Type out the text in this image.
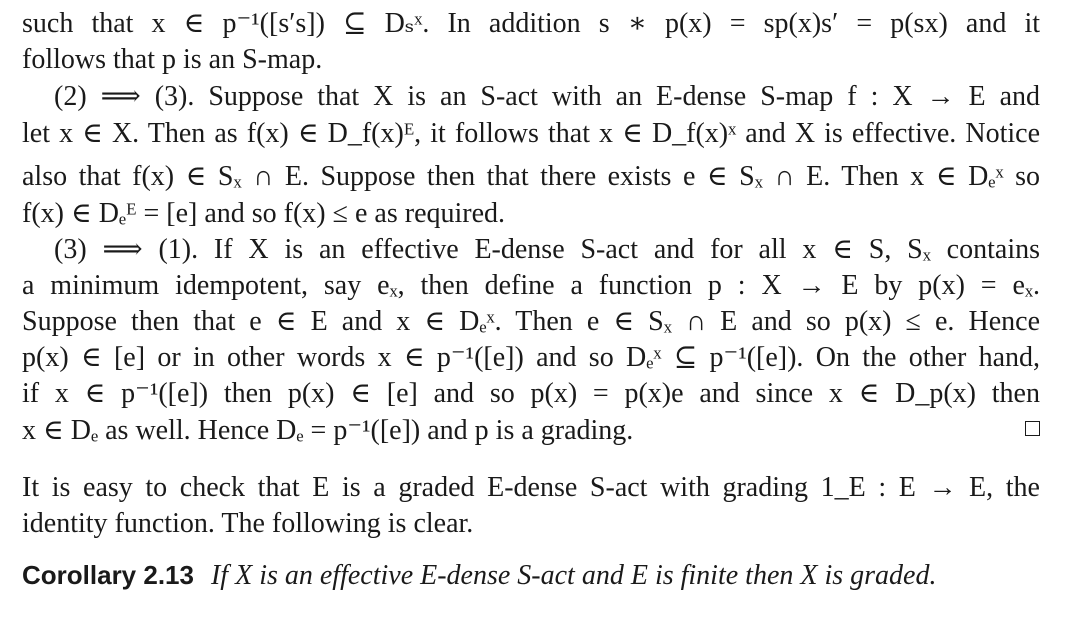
such that x ∈ p⁻¹([s′s]) ⊆ Dₛˣ. In addition s ∗ p(x) = sp(x)s′ = p(sx) and it
follows that p is an S-map.
(2) ⟹ (3). Suppose that X is an S-act with an E-dense S-map f : X → E and
let x ∈ X. Then as f(x) ∈ D_f(x)ᴱ, it follows that x ∈ D_f(x)ˣ and X is effective. Notice
also that f(x) ∈ Sₓ ∩ E. Suppose then that there exists e ∈ Sₓ ∩ E. Then x ∈ Dₑˣ so
f(x) ∈ Dₑᴱ = [e] and so f(x) ≤ e as required.
(3) ⟹ (1). If X is an effective E-dense S-act and for all x ∈ S, Sₓ contains
a minimum idempotent, say eₓ, then define a function p : X → E by p(x) = eₓ.
Suppose then that e ∈ E and x ∈ Dₑˣ. Then e ∈ Sₓ ∩ E and so p(x) ≤ e. Hence
p(x) ∈ [e] or in other words x ∈ p⁻¹([e]) and so Dₑˣ ⊆ p⁻¹([e]). On the other hand,
if x ∈ p⁻¹([e]) then p(x) ∈ [e] and so p(x) = p(x)e and since x ∈ D_p(x) then
x ∈ Dₑ as well. Hence Dₑ = p⁻¹([e]) and p is a grading.
It is easy to check that E is a graded E-dense S-act with grading 1_E : E → E, the
identity function. The following is clear.
Corollary 2.13 If X is an effective E-dense S-act and E is finite then X is graded.
